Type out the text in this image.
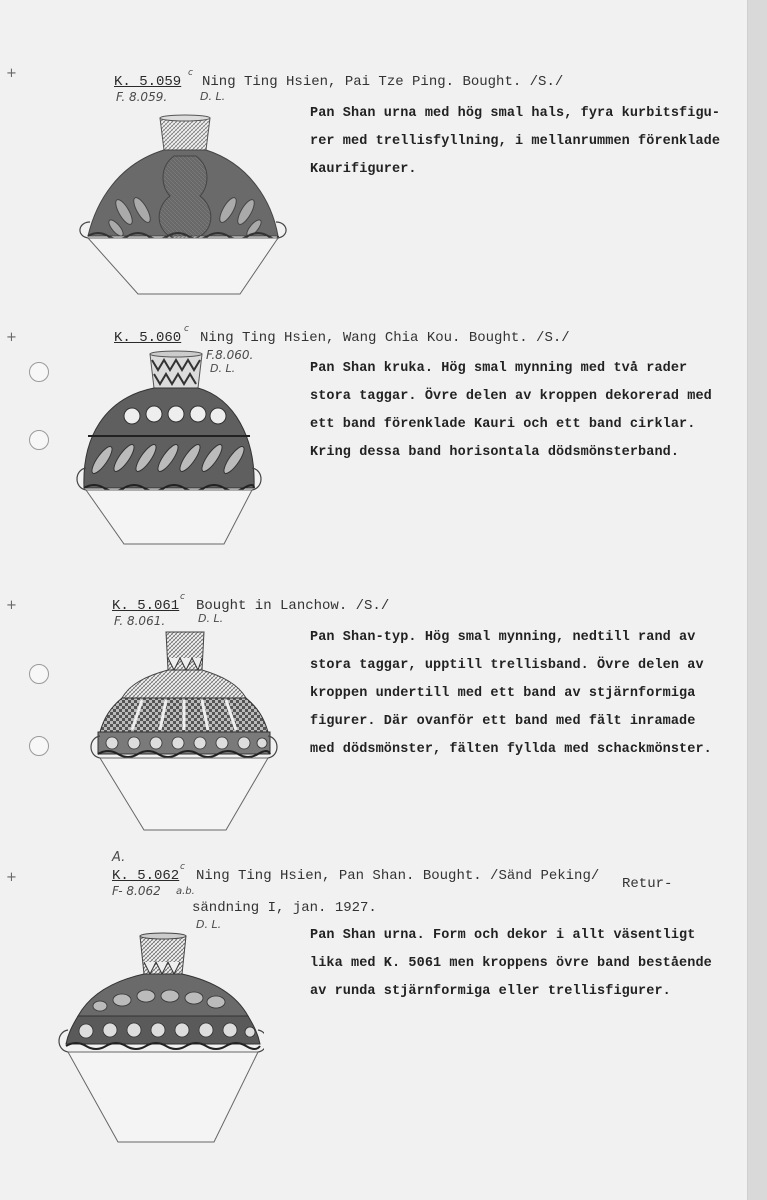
+
+
+
+
K. 5.059
c
Ning Ting Hsien, Pai Tze Ping. Bought. /S./
F. 8.059.	D. L.
Pan Shan urna med hög smal hals, fyra kurbitsfigu-
rer med trellisfyllning, i mellanrummen förenklade
Kaurifigurer.
K. 5.060
c
Ning Ting Hsien, Wang Chia Kou. Bought. /S./
F.8.060.
D. L.	Pan Shan kruka. Hög smal mynning med två rader
stora taggar. Övre delen av kroppen dekorerad med
ett band förenklade Kauri och ett band cirklar.
Kring dessa band horisontala dödsmönsterband.
K. 5.061
c
Bought in Lanchow. /S./
F. 8.061.	D. L.
Pan Shan-typ. Hög smal mynning, nedtill rand av
stora taggar, upptill trellisband. Övre delen av
kroppen undertill med ett band av stjärnformiga
figurer. Där ovanför ett band med fält inramade
med dödsmönster, fälten fyllda med schackmönster.
A.
K. 5.062
c
Ning Ting Hsien, Pan Shan. Bought. /Sänd Peking/ Retur-
F- 8.062 a.b.
sändning I, jan. 1927.
D. L.
Pan Shan urna. Form och dekor i allt väsentligt
lika med K. 5061 men kroppens övre band bestående
av runda stjärnformiga eller trellisfigurer.
